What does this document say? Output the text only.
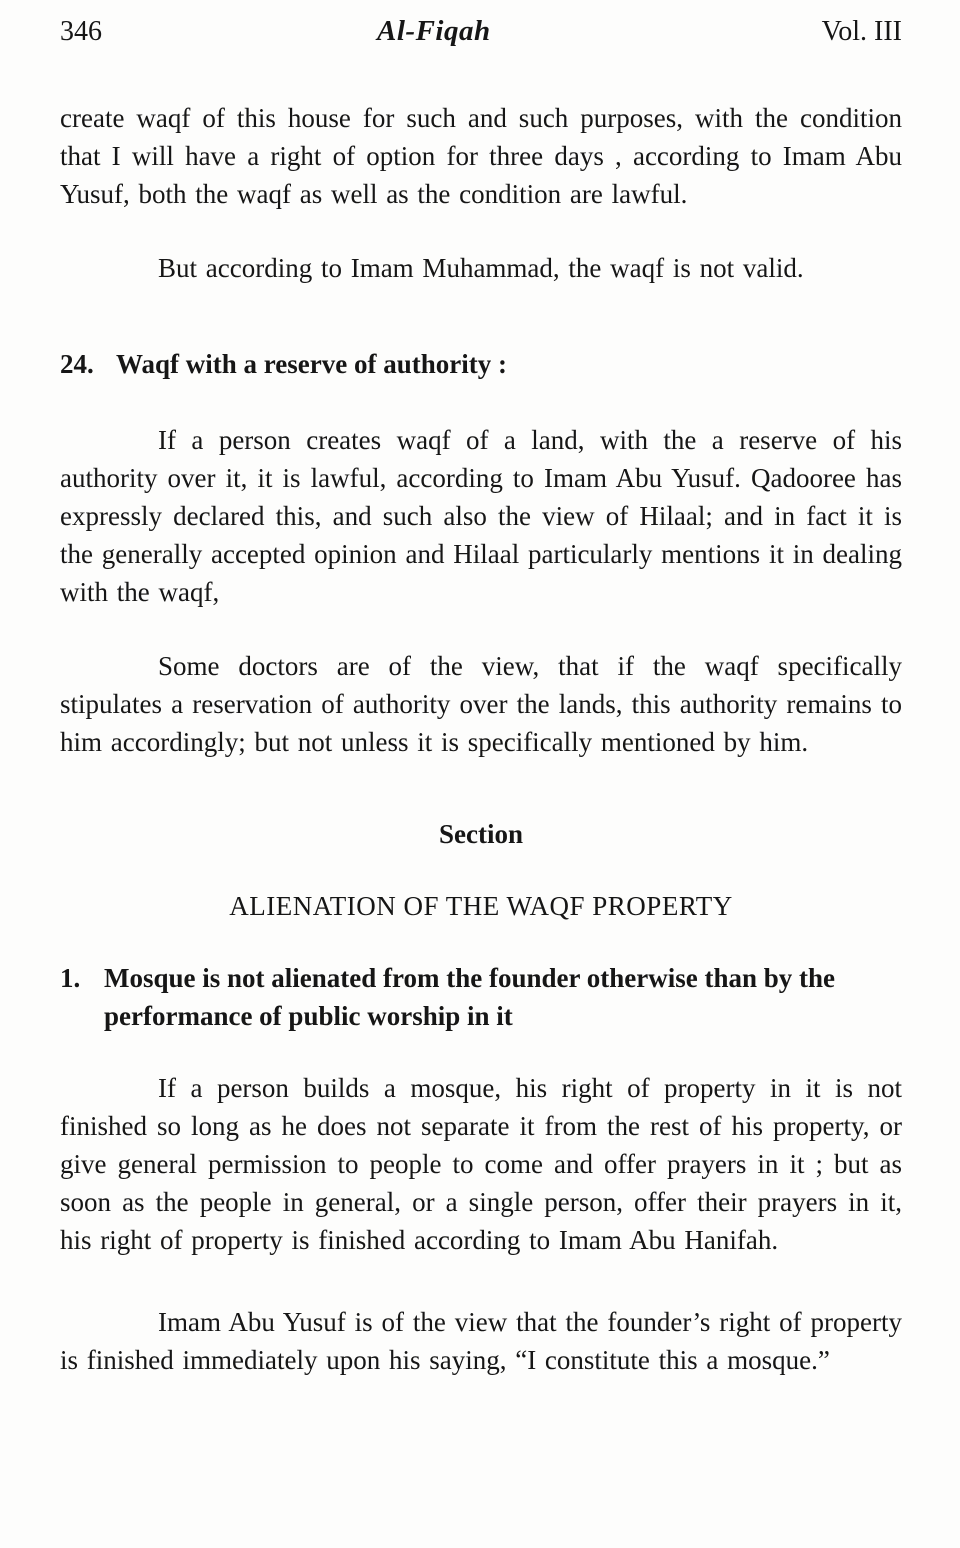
346	Al-Fiqah	Vol. III

create waqf of this house for such and such purposes, with the condition that I will have a right of option for three days , according to Imam Abu Yusuf, both the waqf as well as the condition are lawful.

But according to Imam Muhammad, the waqf is not valid.

24. Waqf with a reserve of authority :

If a person creates waqf of a land, with the a reserve of his authority over it, it is lawful, according to Imam Abu Yusuf. Qadooree has expressly declared this, and such also the view of Hilaal; and in fact it is the generally accepted opinion and Hilaal particularly mentions it in dealing with the waqf,

Some doctors are of the view, that if the waqf specifically stipulates a reservation of authority over the lands, this authority remains to him accordingly; but not unless it is specifically mentioned by him.

Section

ALIENATION OF THE WAQF PROPERTY

1. Mosque is not alienated from the founder otherwise than by the performance of public worship in it

If a person builds a mosque, his right of property in it is not finished so long as he does not separate it from the rest of his property, or give general permission to people to come and offer prayers in it ; but as soon as the people in general, or a single person, offer their prayers in it, his right of property is finished according to Imam Abu Hanifah.

Imam Abu Yusuf is of the view that the founder’s right of property is finished immediately upon his saying, “I constitute this a mosque.”
